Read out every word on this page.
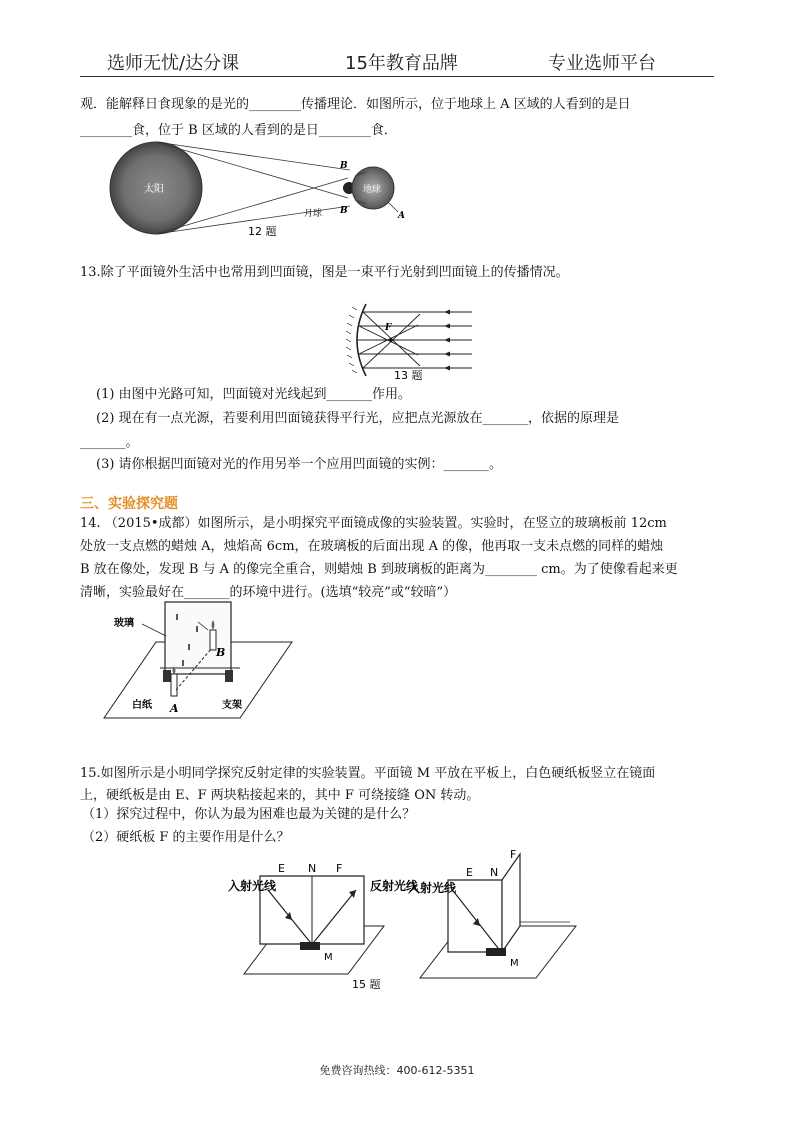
选师无忧/达分课	15年教育品牌	专业选师平台
观．能解释日食现象的是光的________传播理论．如图所示，位于地球上 A 区域的人看到的是日
________食，位于 B 区域的人看到的是日________食．
太阳	地球
月球
B
B	A
12 题
13.除了平面镜外生活中也常用到凹面镜，图是一束平行光射到凹面镜上的传播情况。
F
13 题
(1) 由图中光路可知，凹面镜对光线起到_______作用。
(2) 现在有一点光源，若要利用凹面镜获得平行光，应把点光源放在_______，依据的原理是
_______。
(3) 请你根据凹面镜对光的作用另举一个应用凹面镜的实例：_______。
三、实验探究题
14. （2015•成都）如图所示，是小明探究平面镜成像的实验装置。实验时，在竖立的玻璃板前 12cm
处放一支点燃的蜡烛 A，烛焰高 6cm，在玻璃板的后面出现 A 的像，他再取一支未点燃的同样的蜡烛
B 放在像处，发现 B 与 A 的像完全重合，则蜡烛 B 到玻璃板的距离为________ cm。为了使像看起来更
清晰，实验最好在_______的环境中进行。(选填“较亮”或“较暗”）
玻璃
白纸	支架
A
B
15.如图所示是小明同学探究反射定律的实验装置。平面镜 M 平放在平板上，白色硬纸板竖立在镜面
上，硬纸板是由 E、F 两块粘接起来的，其中 F 可绕接缝 ON 转动。
（1）探究过程中，你认为最为困难也最为关键的是什么？
（2）硬纸板 F 的主要作用是什么？
E N F
M
入射光线	反射光线
E N
F
M
入射光线
15 题
免费咨询热线：400-612-5351
